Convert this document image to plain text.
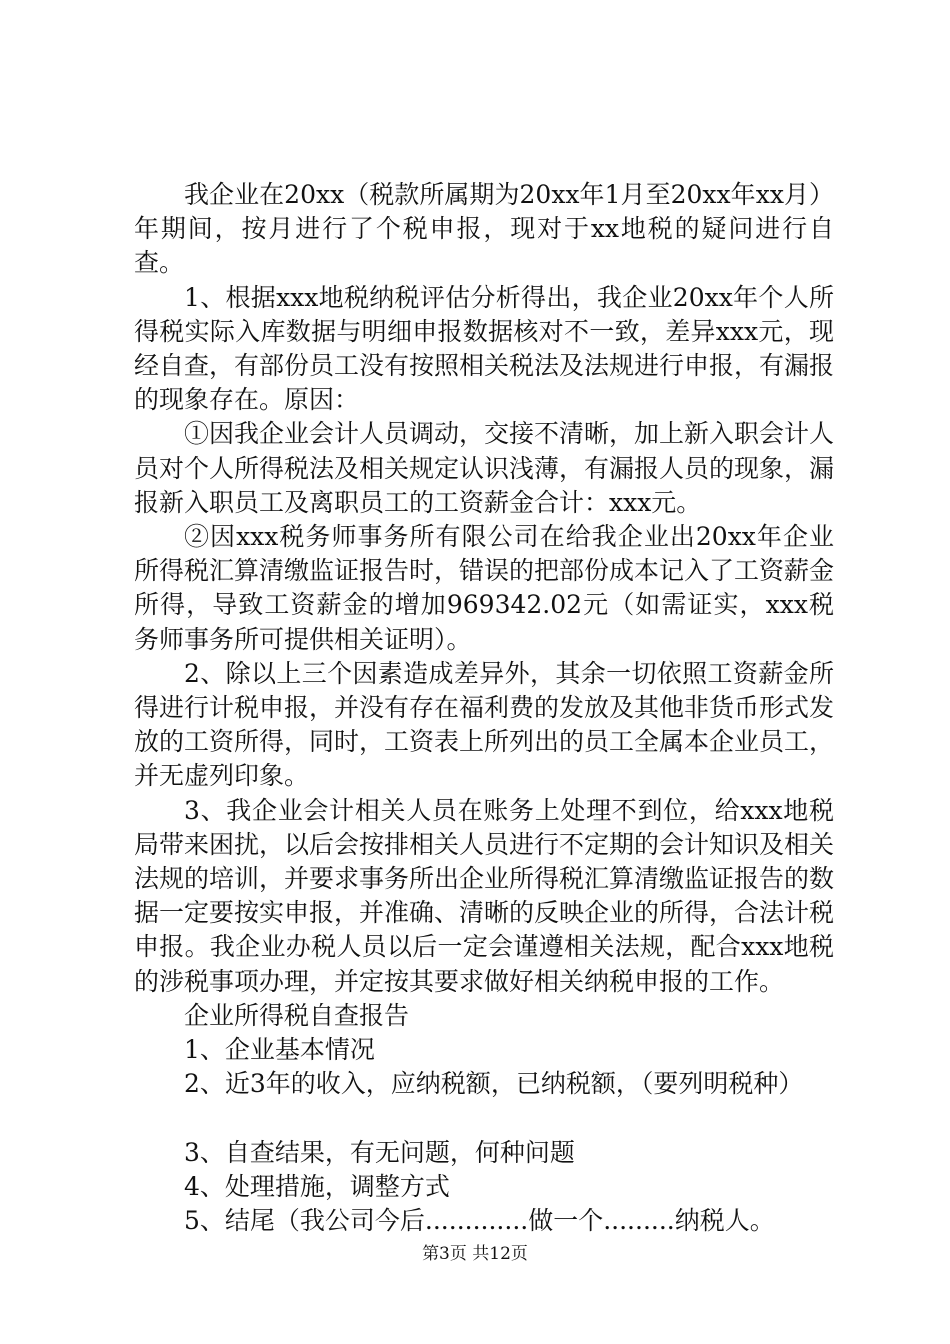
我企业在20xx（税款所属期为20xx年1月至20xx年xx月）年期间，按月进行了个税申报，现对于xx地税的疑问进行自查。

1、根据xxx地税纳税评估分析得出，我企业20xx年个人所得税实际入库数据与明细申报数据核对不一致，差异xxx元，现经自查，有部份员工没有按照相关税法及法规进行申报，有漏报的现象存在。原因：

①因我企业会计人员调动，交接不清晰，加上新入职会计人员对个人所得税法及相关规定认识浅薄，有漏报人员的现象，漏报新入职员工及离职员工的工资薪金合计：xxx元。

②因xxx税务师事务所有限公司在给我企业出20xx年企业所得税汇算清缴监证报告时，错误的把部份成本记入了工资薪金所得，导致工资薪金的增加969342.02元（如需证实，xxx税务师事务所可提供相关证明）。

2、除以上三个因素造成差异外，其余一切依照工资薪金所得进行计税申报，并没有存在福利费的发放及其他非货币形式发放的工资所得，同时，工资表上所列出的员工全属本企业员工，并无虚列印象。

3、我企业会计相关人员在账务上处理不到位，给xxx地税局带来困扰，以后会按排相关人员进行不定期的会计知识及相关法规的培训，并要求事务所出企业所得税汇算清缴监证报告的数据一定要按实申报，并准确、清晰的反映企业的所得，合法计税申报。我企业办税人员以后一定会谨遵相关法规，配合xxx地税的涉税事项办理，并定按其要求做好相关纳税申报的工作。

企业所得税自查报告

1、企业基本情况

2、近3年的收入，应纳税额，已纳税额，（要列明税种）

3、自查结果，有无问题，何种问题

4、处理措施，调整方式

5、结尾（我公司今后.............做一个.........纳税人。

第3页 共12页
